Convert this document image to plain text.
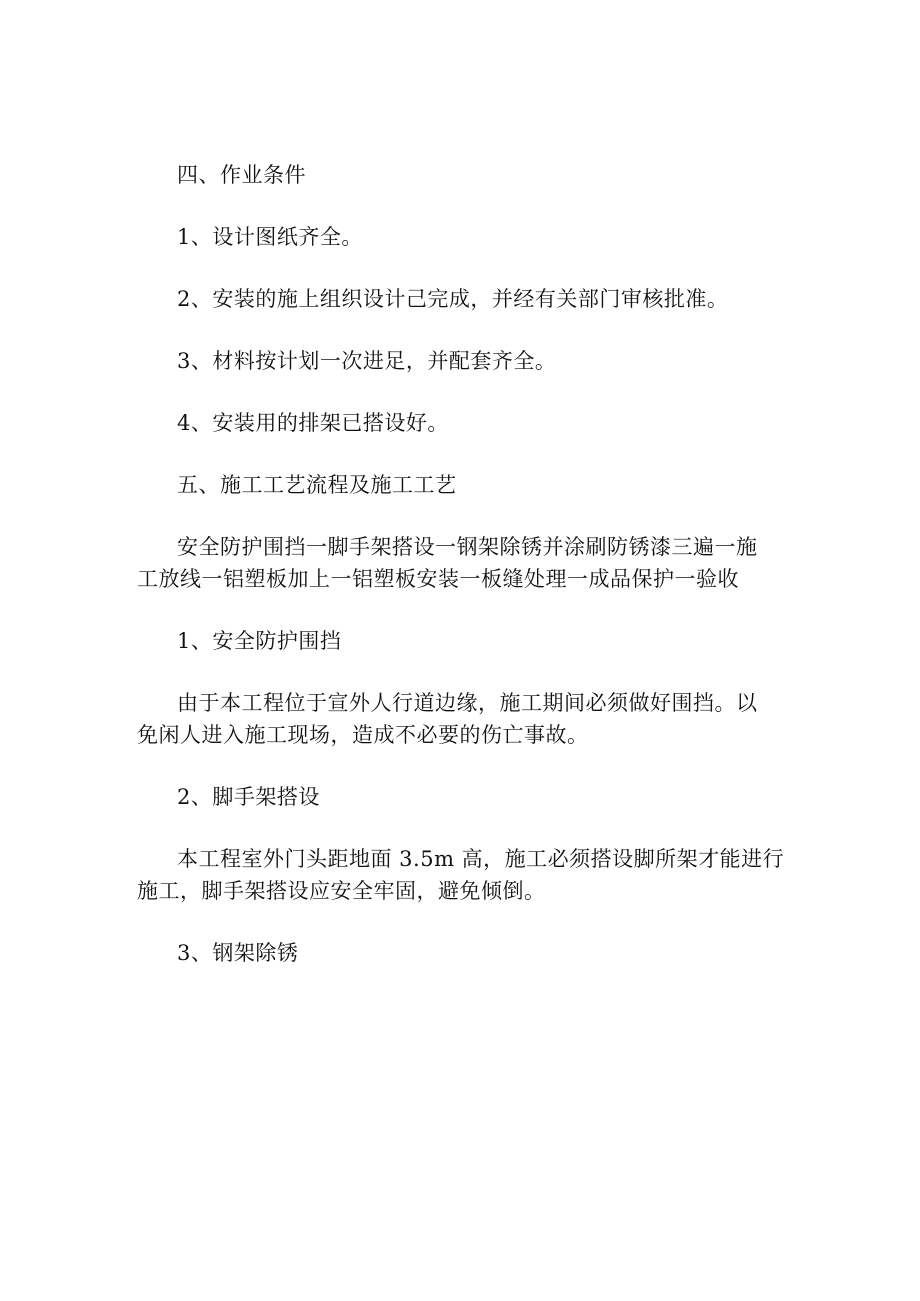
四、作业条件
1、设计图纸齐全。
2、安装的施上组织设计己完成，并经有关部门审核批准。
3、材料按计划一次进足，并配套齐全。
4、安装用的排架已搭设好。
五、施工工艺流程及施工工艺
安全防护围挡一脚手架搭设一钢架除锈并涂刷防锈漆三遍一施
工放线一铝塑板加上一铝塑板安装一板缝处理一成品保护一验收
1、安全防护围挡
由于本工程位于宣外人行道边缘，施工期间必须做好围挡。以
免闲人进入施工现场，造成不必要的伤亡事故。
2、脚手架搭设
本工程室外门头距地面 3.5m 高，施工必须搭设脚所架才能进行
施工，脚手架搭设应安全牢固，避免倾倒。
3、钢架除锈
